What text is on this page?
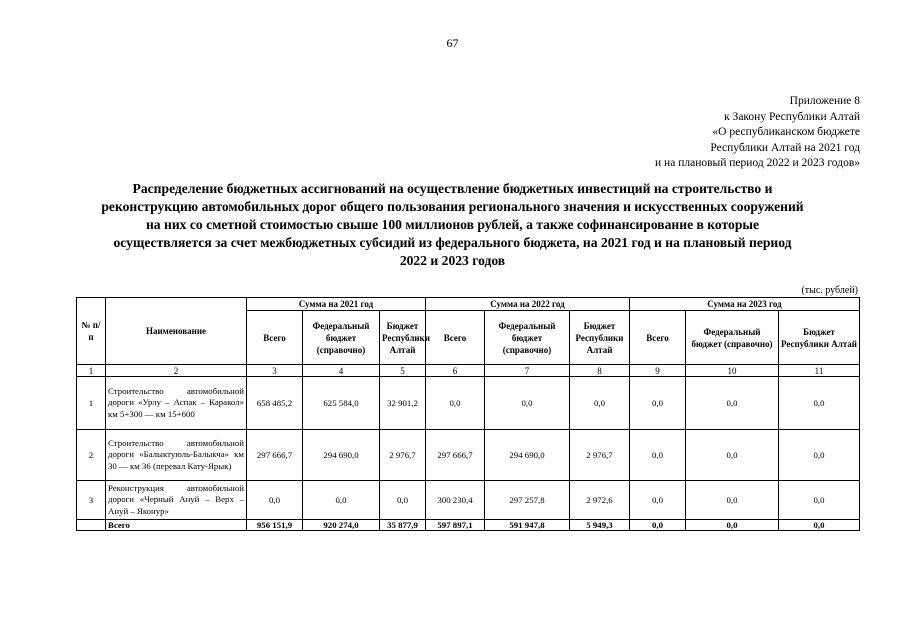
67
Приложение 8
к Закону Республики Алтай
«О республиканском бюджете
Республики Алтай на 2021 год
и на плановый период 2022 и 2023 годов»
Распределение бюджетных ассигнований на осуществление бюджетных инвестиций на строительство и
реконструкцию автомобильных дорог общего пользования регионального значения и искусственных сооружений
на них со сметной стоимостью свыше 100 миллионов рублей, а также софинансирование в которые
осуществляется за счет межбюджетных субсидий из федерального бюджета, на 2021 год и на плановый период
2022 и 2023 годов
(тыс. рублей)
№ п/п	Наименование	Сумма на 2021 год			Сумма на 2022 год			Сумма на 2023 год		
		Всего	Федеральный бюджет (справочно)	Бюджет Республики Алтай	Всего	Федеральный бюджет (справочно)	Бюджет Республики Алтай	Всего	Федеральный бюджет (справочно)	Бюджет Республики Алтай
1	2	3	4	5	6	7	8	9	10	11
1	Строительство автомобильной дороги «Урлу – Аспак – Каракол» км 5+300 — км 15+600	658 485,2	625 584,0	32 901,2	0,0	0,0	0,0	0,0	0,0	0,0
2	Строительство автомобильной дороги «Балыктуюль-Балыкча» км 30 — км 36 (перевал Кату-Ярык)	297 666,7	294 690,0	2 976,7	297 666,7	294 690,0	2 976,7	0,0	0,0	0,0
3	Реконструкция автомобильной дороги «Черный Ануй – Верх – Ануй – Яконур»	0,0	0,0	0,0	300 230,4	297 257,8	2 972,6	0,0	0,0	0,0
	Всего	956 151,9	920 274,0	35 877,9	597 897,1	591 947,8	5 949,3	0,0	0,0	0,0
